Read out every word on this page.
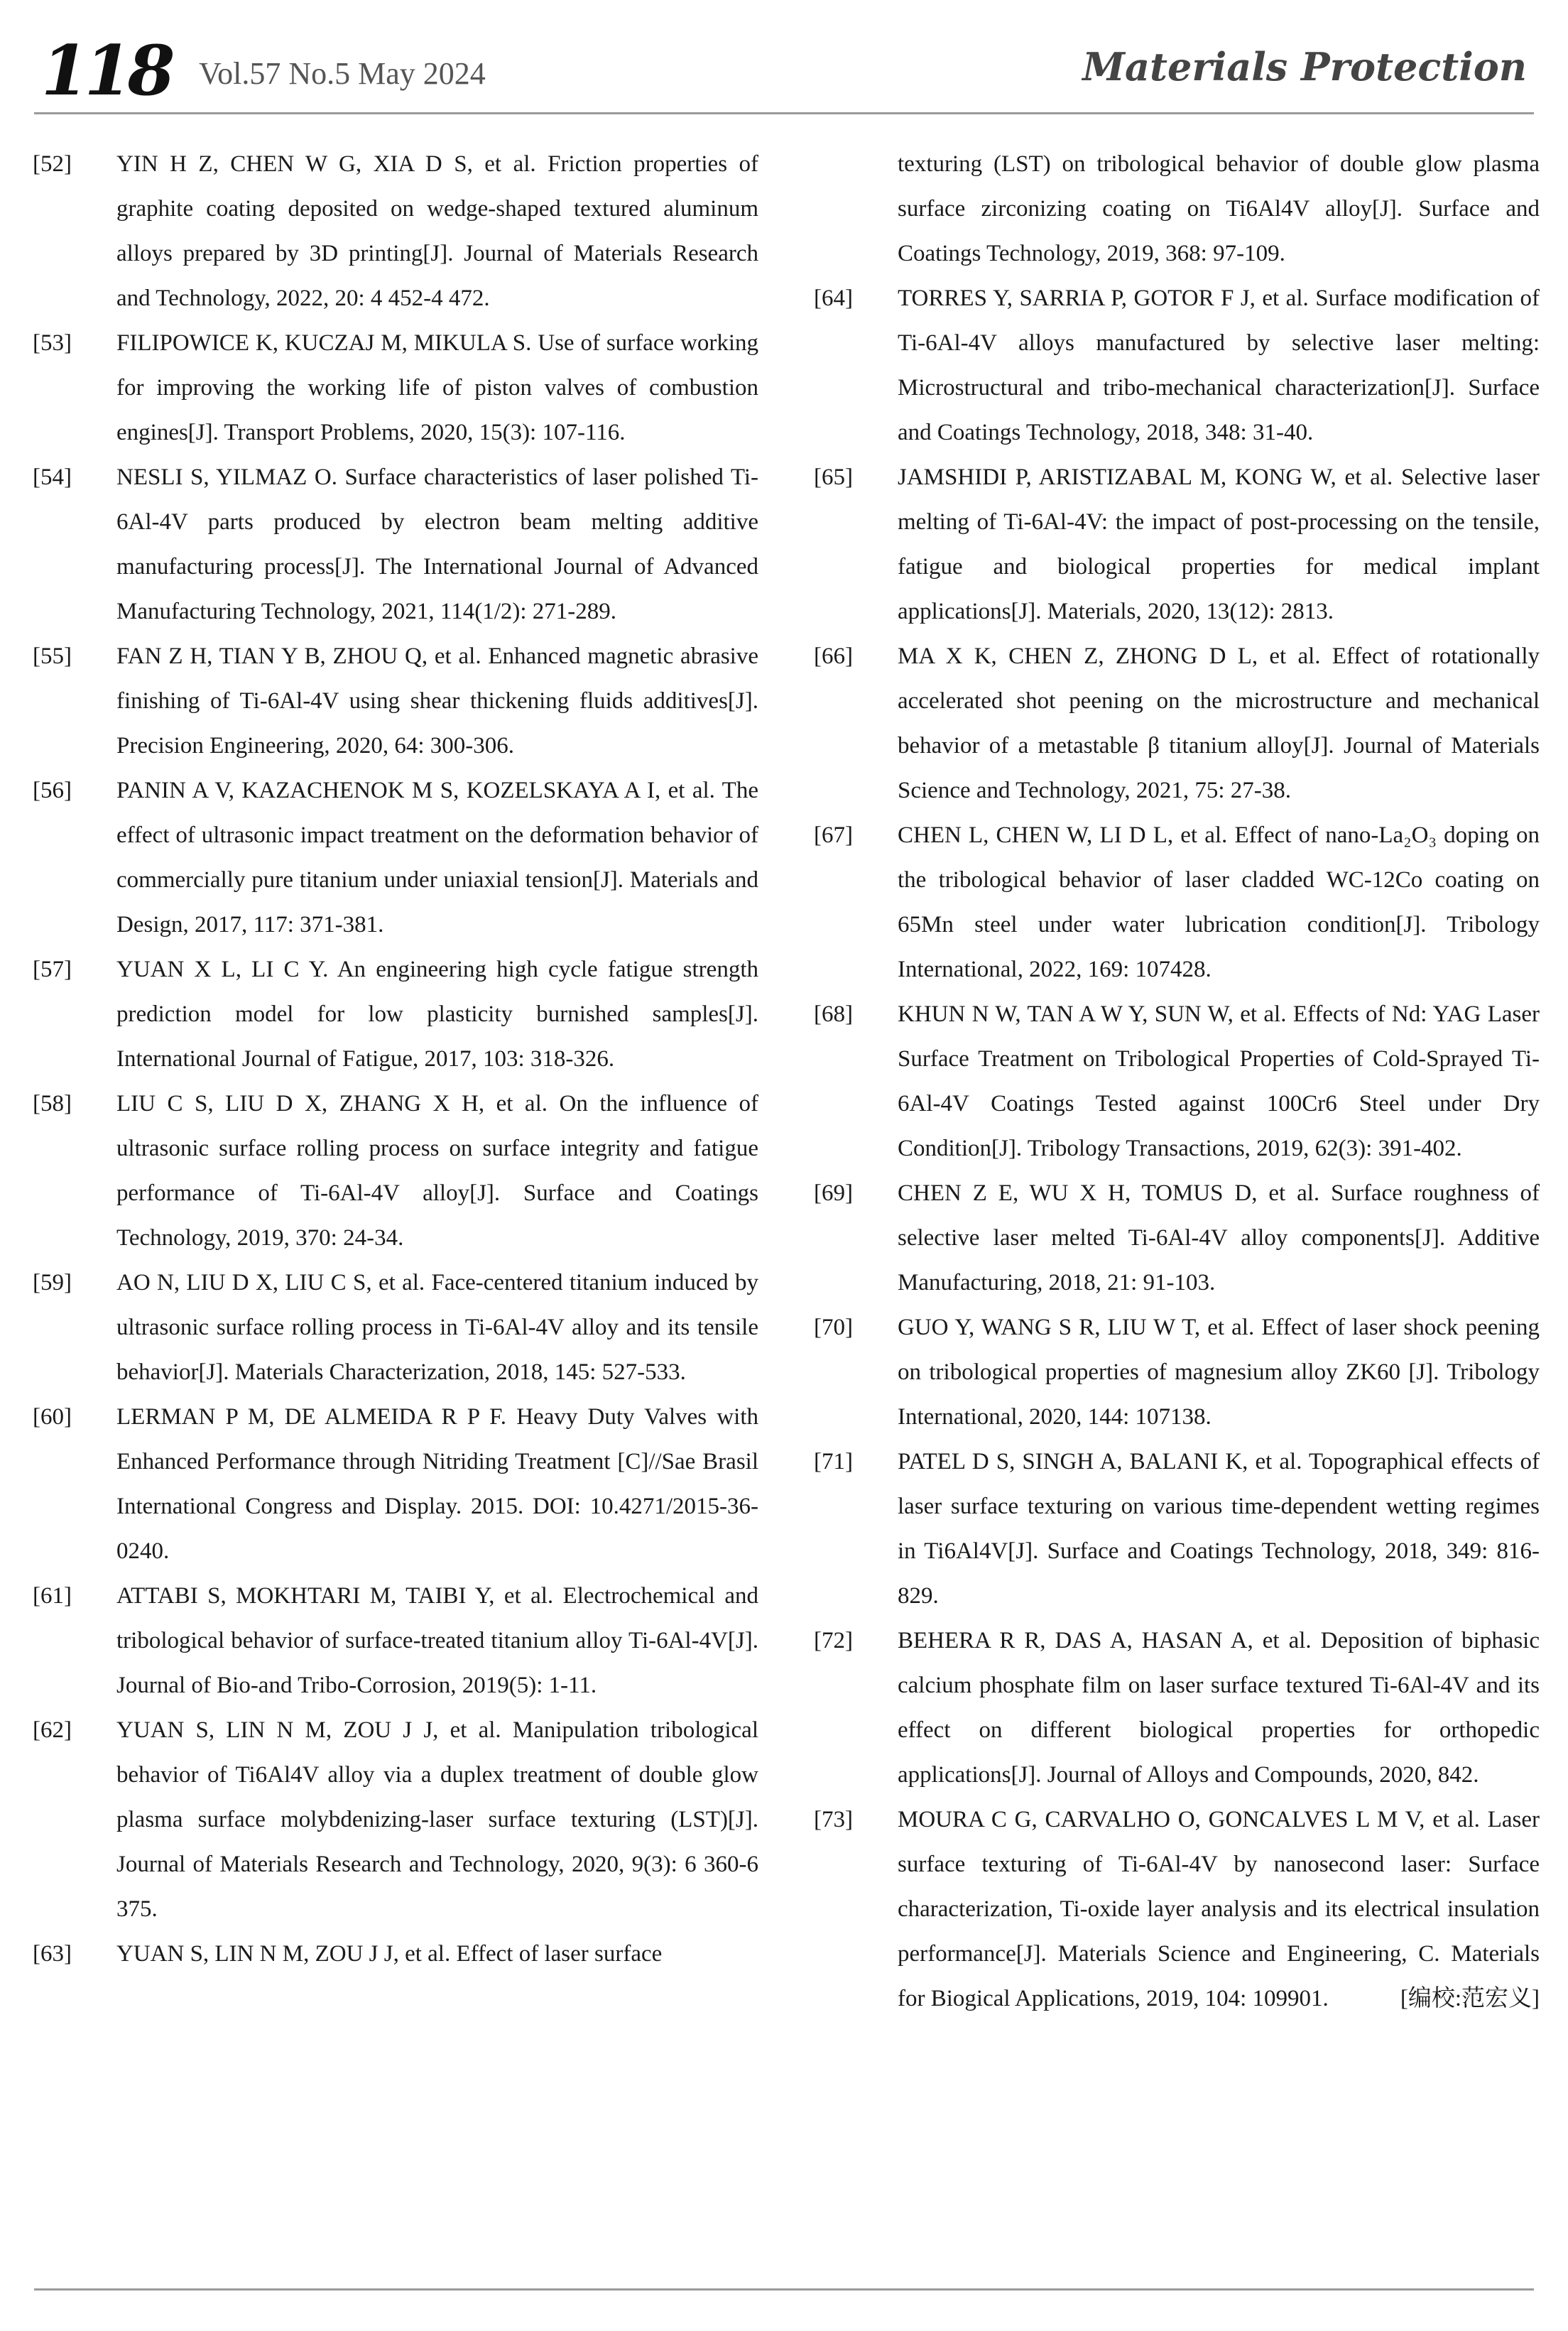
118 Vol.57 No.5 May 2024	Materials Protection
[52]	YIN H Z, CHEN W G, XIA D S, et al. Friction properties of graphite coating deposited on wedge-shaped textured aluminum alloys prepared by 3D printing[J]. Journal of Materials Research and Technology, 2022, 20: 4 452-4 472.
[53]	FILIPOWICE K, KUCZAJ M, MIKULA S. Use of surface working for improving the working life of piston valves of combustion engines[J]. Transport Problems, 2020, 15(3): 107-116.
[54]	NESLI S, YILMAZ O. Surface characteristics of laser polished Ti-6Al-4V parts produced by electron beam melting additive manufacturing process[J]. The International Journal of Advanced Manufacturing Technology, 2021, 114(1/2): 271-289.
[55]	FAN Z H, TIAN Y B, ZHOU Q, et al. Enhanced magnetic abrasive finishing of Ti-6Al-4V using shear thickening fluids additives[J]. Precision Engineering, 2020, 64: 300-306.
[56]	PANIN A V, KAZACHENOK M S, KOZELSKAYA A I, et al. The effect of ultrasonic impact treatment on the deformation behavior of commercially pure titanium under uniaxial tension[J]. Materials and Design, 2017, 117: 371-381.
[57]	YUAN X L, LI C Y. An engineering high cycle fatigue strength prediction model for low plasticity burnished samples[J]. International Journal of Fatigue, 2017, 103: 318-326.
[58]	LIU C S, LIU D X, ZHANG X H, et al. On the influence of ultrasonic surface rolling process on surface integrity and fatigue performance of Ti-6Al-4V alloy[J]. Surface and Coatings Technology, 2019, 370: 24-34.
[59]	AO N, LIU D X, LIU C S, et al. Face-centered titanium induced by ultrasonic surface rolling process in Ti-6Al-4V alloy and its tensile behavior[J]. Materials Characterization, 2018, 145: 527-533.
[60]	LERMAN P M, DE ALMEIDA R P F. Heavy Duty Valves with Enhanced Performance through Nitriding Treatment [C]//Sae Brasil International Congress and Display. 2015. DOI: 10.4271/2015-36-0240.
[61]	ATTABI S, MOKHTARI M, TAIBI Y, et al. Electrochemical and tribological behavior of surface-treated titanium alloy Ti-6Al-4V[J]. Journal of Bio-and Tribo-Corrosion, 2019(5): 1-11.
[62]	YUAN S, LIN N M, ZOU J J, et al. Manipulation tribological behavior of Ti6Al4V alloy via a duplex treatment of double glow plasma surface molybdenizing-laser surface texturing (LST)[J]. Journal of Materials Research and Technology, 2020, 9(3): 6 360-6 375.
[63]	YUAN S, LIN N M, ZOU J J, et al. Effect of laser surface
texturing (LST) on tribological behavior of double glow plasma surface zirconizing coating on Ti6Al4V alloy[J]. Surface and Coatings Technology, 2019, 368: 97-109.
[64]	TORRES Y, SARRIA P, GOTOR F J, et al. Surface modification of Ti-6Al-4V alloys manufactured by selective laser melting: Microstructural and tribo-mechanical characterization[J]. Surface and Coatings Technology, 2018, 348: 31-40.
[65]	JAMSHIDI P, ARISTIZABAL M, KONG W, et al. Selective laser melting of Ti-6Al-4V: the impact of post-processing on the tensile, fatigue and biological properties for medical implant applications[J]. Materials, 2020, 13(12): 2813.
[66]	MA X K, CHEN Z, ZHONG D L, et al. Effect of rotationally accelerated shot peening on the microstructure and mechanical behavior of a metastable β titanium alloy[J]. Journal of Materials Science and Technology, 2021, 75: 27-38.
[67]	CHEN L, CHEN W, LI D L, et al. Effect of nano-La₂O₃ doping on the tribological behavior of laser cladded WC-12Co coating on 65Mn steel under water lubrication condition[J]. Tribology International, 2022, 169: 107428.
[68]	KHUN N W, TAN A W Y, SUN W, et al. Effects of Nd: YAG Laser Surface Treatment on Tribological Properties of Cold-Sprayed Ti-6Al-4V Coatings Tested against 100Cr6 Steel under Dry Condition[J]. Tribology Transactions, 2019, 62(3): 391-402.
[69]	CHEN Z E, WU X H, TOMUS D, et al. Surface roughness of selective laser melted Ti-6Al-4V alloy components[J]. Additive Manufacturing, 2018, 21: 91-103.
[70]	GUO Y, WANG S R, LIU W T, et al. Effect of laser shock peening on tribological properties of magnesium alloy ZK60 [J]. Tribology International, 2020, 144: 107138.
[71]	PATEL D S, SINGH A, BALANI K, et al. Topographical effects of laser surface texturing on various time-dependent wetting regimes in Ti6Al4V[J]. Surface and Coatings Technology, 2018, 349: 816-829.
[72]	BEHERA R R, DAS A, HASAN A, et al. Deposition of biphasic calcium phosphate film on laser surface textured Ti-6Al-4V and its effect on different biological properties for orthopedic applications[J]. Journal of Alloys and Compounds, 2020, 842.
[73]	MOURA C G, CARVALHO O, GONCALVES L M V, et al. Laser surface texturing of Ti-6Al-4V by nanosecond laser: Surface characterization, Ti-oxide layer analysis and its electrical insulation performance[J]. Materials Science and Engineering, C. Materials for Biogical Applications, 2019, 104: 109901.	[编校:范宏义]
